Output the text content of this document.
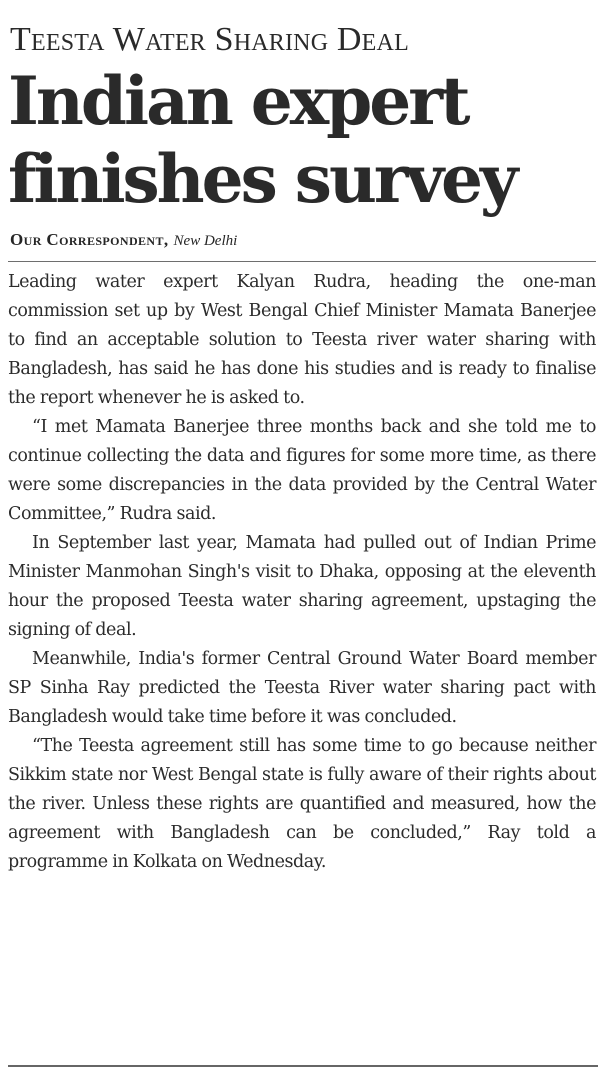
Teesta Water Sharing Deal
Indian expert finishes survey
Our Correspondent, New Delhi

Leading water expert Kalyan Rudra, heading the one-man commission set up by West Bengal Chief Minister Mamata Banerjee to find an acceptable solution to Teesta river water sharing with Bangladesh, has said he has done his studies and is ready to finalise the report whenever he is asked to.

“I met Mamata Banerjee three months back and she told me to continue collecting the data and figures for some more time, as there were some discrepancies in the data provided by the Central Water Committee,” Rudra said.

In September last year, Mamata had pulled out of Indian Prime Minister Manmohan Singh's visit to Dhaka, opposing at the eleventh hour the proposed Teesta water sharing agreement, upstaging the signing of deal.

Meanwhile, India's former Central Ground Water Board member SP Sinha Ray predicted the Teesta River water sharing pact with Bangladesh would take time before it was concluded.

“The Teesta agreement still has some time to go because neither Sikkim state nor West Bengal state is fully aware of their rights about the river. Unless these rights are quantified and measured, how the agreement with Bangladesh can be concluded,” Ray told a programme in Kolkata on Wednesday.
